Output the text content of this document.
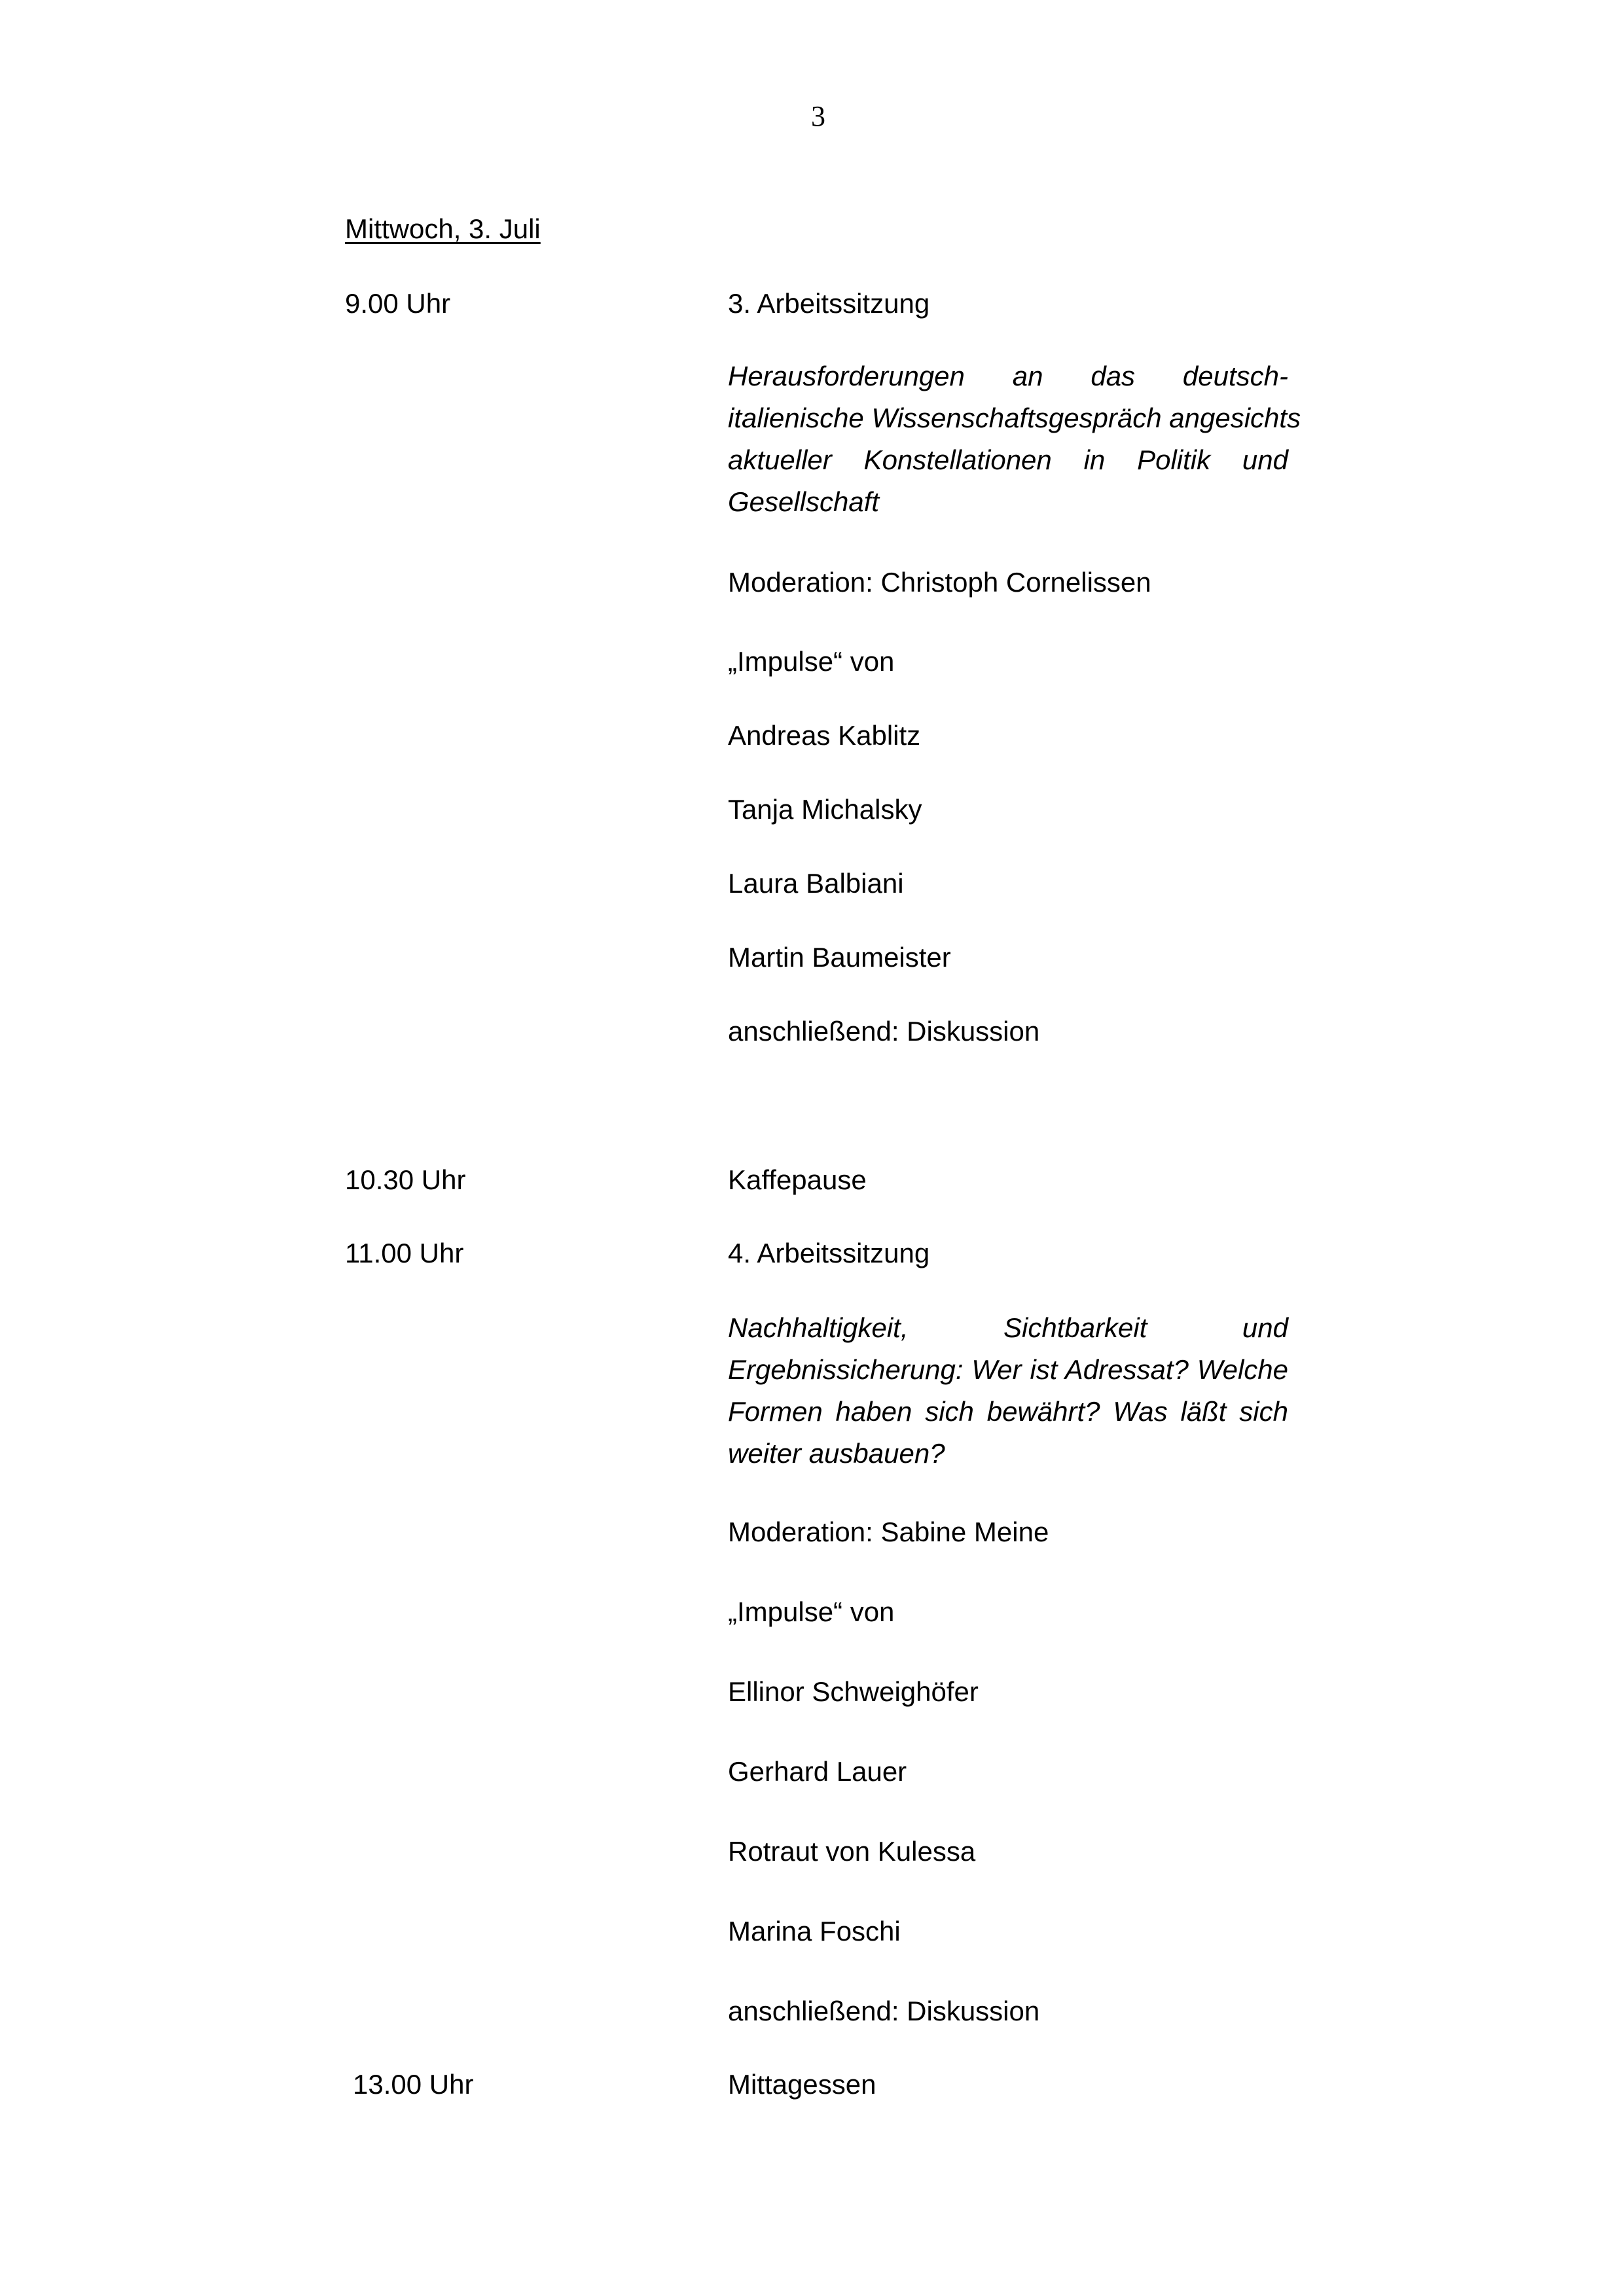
3
Mittwoch, 3. Juli
9.00 Uhr	3. Arbeitssitzung
Herausforderungen an das deutsch-
italienische Wissenschaftsgespräch angesichts
aktueller Konstellationen in Politik und
Gesellschaft
Moderation: Christoph Cornelissen
„Impulse“ von
Andreas Kablitz
Tanja Michalsky
Laura Balbiani
Martin Baumeister
anschließend: Diskussion
10.30 Uhr	Kaffepause
11.00 Uhr	4. Arbeitssitzung
Nachhaltigkeit, Sichtbarkeit und
Ergebnissicherung: Wer ist Adressat? Welche
Formen haben sich bewährt? Was läßt sich
weiter ausbauen?
Moderation: Sabine Meine
„Impulse“ von
Ellinor Schweighöfer
Gerhard Lauer
Rotraut von Kulessa
Marina Foschi
anschließend: Diskussion
13.00 Uhr	Mittagessen
